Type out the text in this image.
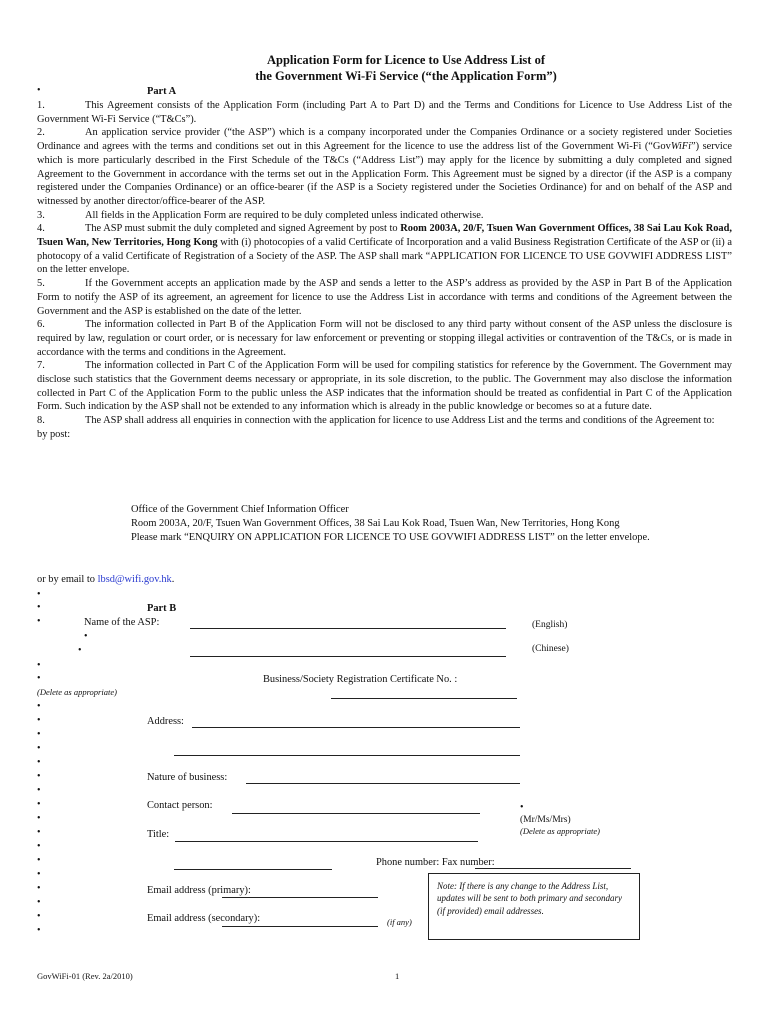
Application Form for Licence to Use Address List of
the Government Wi-Fi Service (“the Application Form”)
•	Part A

1.	This Agreement consists of the Application Form (including Part A to Part D) and the Terms and Conditions for Licence to Use Address List of the Government Wi-Fi Service (“T&Cs”).

2.	An application service provider (“the ASP”) which is a company incorporated under the Companies Ordinance or a society registered under Societies Ordinance and agrees with the terms and conditions set out in this Agreement for the licence to use the address list of the Government Wi-Fi (“GovWiFi”) service which is more particularly described in the First Schedule of the T&Cs (“Address List”) may apply for the licence by submitting a duly completed and signed Agreement to the Government in accordance with the terms set out in the Application Form. This Agreement must be signed by a director (if the ASP is a company registered under the Companies Ordinance) or an office-bearer (if the ASP is a Society registered under the Societies Ordinance) for and on behalf of the ASP and witnessed by another director/office-bearer of the ASP.

3.	All fields in the Application Form are required to be duly completed unless indicated otherwise.

4.	The ASP must submit the duly completed and signed Agreement by post to Room 2003A, 20/F, Tsuen Wan Government Offices, 38 Sai Lau Kok Road, Tsuen Wan, New Territories, Hong Kong with (i) photocopies of a valid Certificate of Incorporation and a valid Business Registration Certificate of the ASP or (ii) a photocopy of a valid Certificate of Registration of a Society of the ASP. The ASP shall mark “APPLICATION FOR LICENCE TO USE GOVWIFI ADDRESS LIST” on the letter envelope.

5.	If the Government accepts an application made by the ASP and sends a letter to the ASP’s address as provided by the ASP in Part B of the Application Form to notify the ASP of its agreement, an agreement for licence to use the Address List in accordance with terms and conditions of the Agreement between the Government and the ASP is established on the date of the letter.

6.	The information collected in Part B of the Application Form will not be disclosed to any third party without consent of the ASP unless the disclosure is required by law, regulation or court order, or is necessary for law enforcement or preventing or stopping illegal activities or contravention of the T&Cs, or is made in accordance with the terms and conditions in the Agreement.

7.	The information collected in Part C of the Application Form will be used for compiling statistics for reference by the Government. The Government may disclose such statistics that the Government deems necessary or appropriate, in its sole discretion, to the public. The Government may also disclose the information collected in Part C of the Application Form to the public unless the ASP indicates that the information should be treated as confidential in Part C of the Application Form. Such indication by the ASP shall not be extended to any information which is already in the public knowledge or becomes so at a future date.

8.	The ASP shall address all enquiries in connection with the application for licence to use Address List and the terms and conditions of the Agreement to:

by post:

Office of the Government Chief Information Officer
Room 2003A, 20/F, Tsuen Wan Government Offices, 38 Sai Lau Kok Road, Tsuen Wan, New Territories, Hong Kong
Please mark “ENQUIRY ON APPLICATION FOR LICENCE TO USE GOVWIFI ADDRESS LIST” on the letter envelope.
or by email to lbsd@wifi.gov.hk.
•
•	Part B
•	Name of the ASP:	(English)
•
•	(Chinese)
•
•	Business/Society Registration Certificate No. :
(Delete as appropriate)
•
•	Address:
•
•
•
•	Nature of business:
•
•	Contact person:	•
(Mr/Ms/Mrs)
(Delete as appropriate)
•
•	Title:
•
•	Phone number: Fax number:
•
•	Email address (primary):
•
•	Email address (secondary):	(if any)
•
Note: If there is any change to the Address List, updates will be sent to both primary and secondary (if provided) email addresses.
GovWiFi-01 (Rev. 2a/2010)	1
